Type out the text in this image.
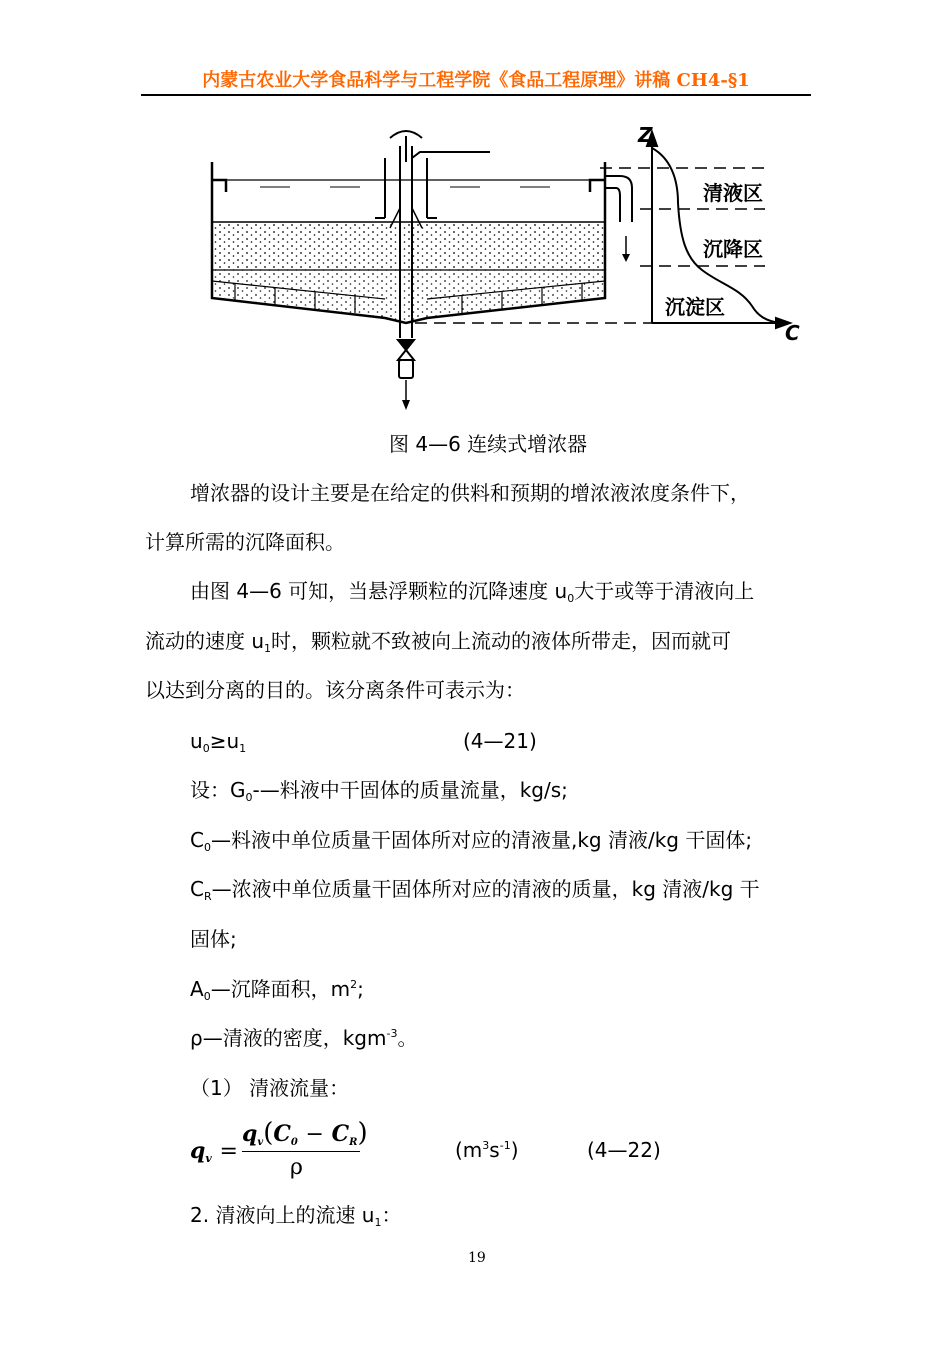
内蒙古农业大学食品科学与工程学院《食品工程原理》讲稿 CH4-§1
Z
C
清液区
沉降区
沉淀区
图 4—6 连续式增浓器
增浓器的设计主要是在给定的供料和预期的增浓液浓度条件下，
计算所需的沉降面积。
由图 4—6 可知，当悬浮颗粒的沉降速度 $u_0$大于或等于清液向上
流动的速度 $u_1$时，颗粒就不致被向上流动的液体所带走，因而就可
以达到分离的目的。该分离条件可表示为：
$u_0\ge u_1$	(4—21)
设：$G_0-—$料液中干固体的质量流量，kg/s;
$C_0—$料液中单位质量干固体所对应的清液量,kg 清液/kg 干固体;
$C_R—$浓液中单位质量干固体所对应的清液的质量，kg 清液/kg 干
固体;
$A_0—$沉降面积，$m^2$;
ρ—清液的密度，kgm$^{-3}$。
（1） 清液流量：
qv =
qv(C0 − CR)
ρ
$(m^3s^{-1})$	(4—22)
2. 清液向上的流速 $u_1$：
19
